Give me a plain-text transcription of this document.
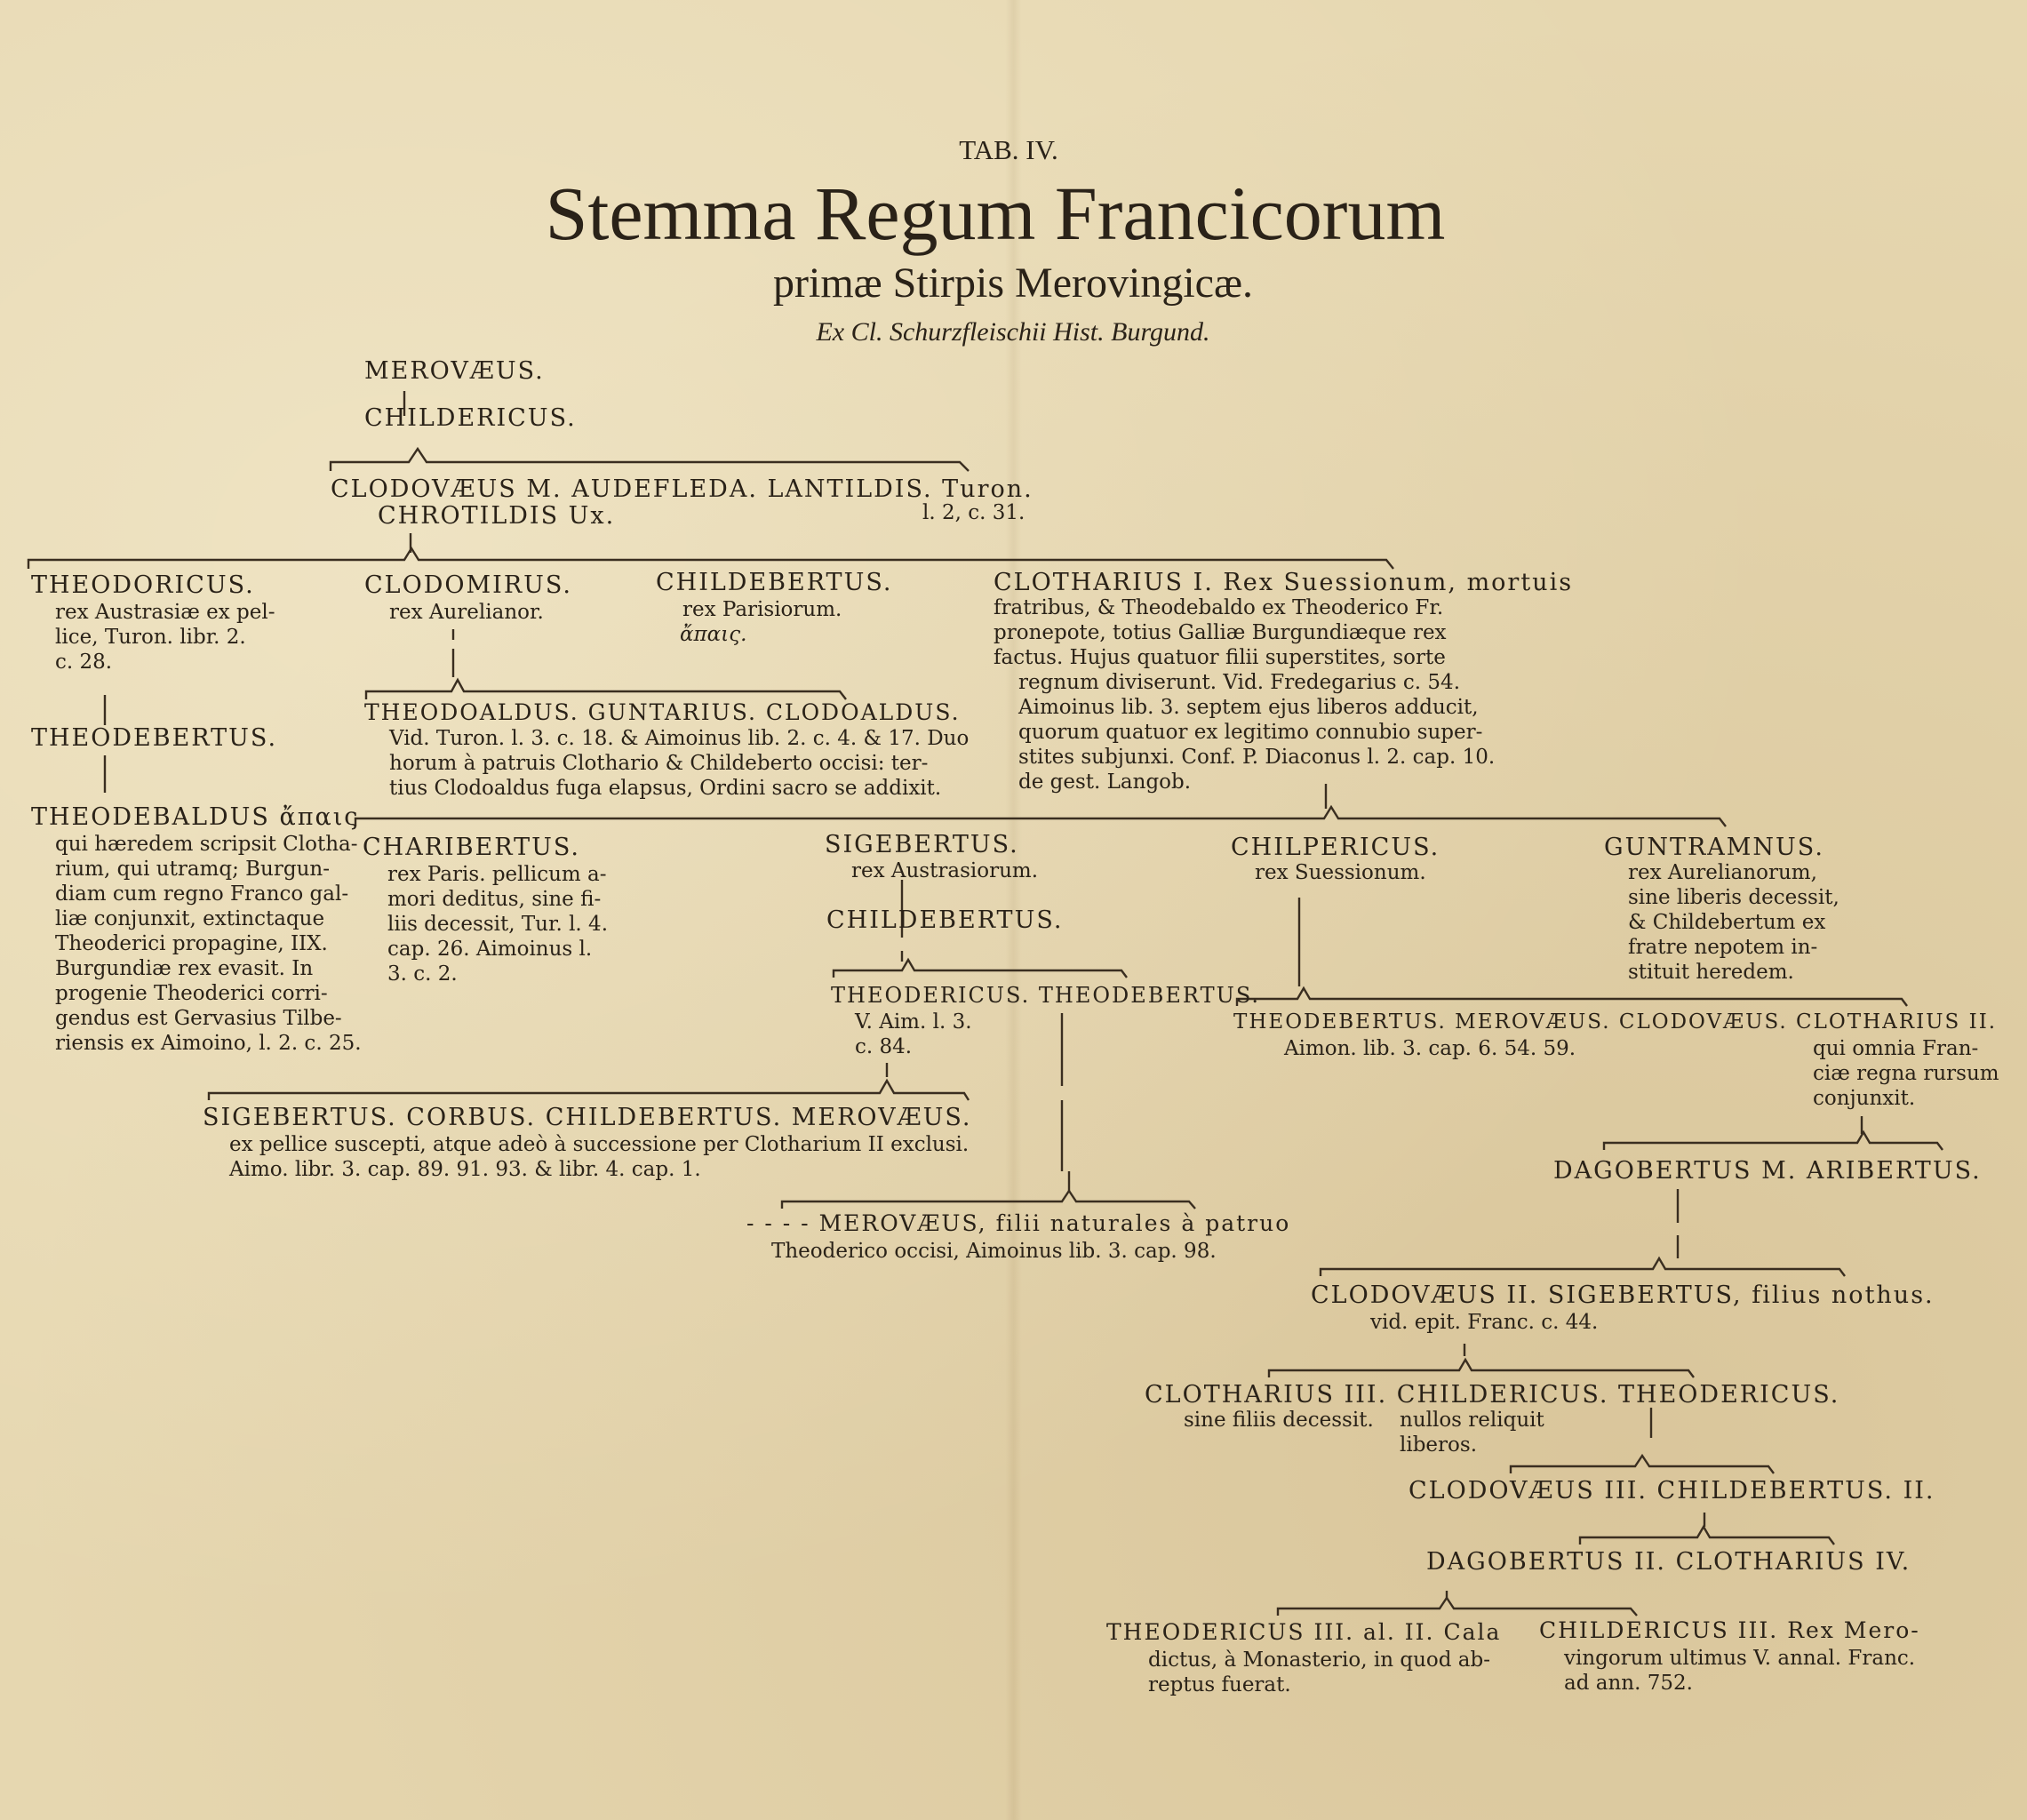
TAB. IV.
Stemma Regum Francicorum
primæ Stirpis Merovingicæ.
Ex Cl. Schurzfleischii Hist. Burgund.
MEROVÆUS.
CHILDERICUS.
CLODOVÆUS M. AUDEFLEDA. LANTILDIS. Turon.
CHROTILDIS Ux.	l. 2, c. 31.
THEODORICUS.
rex Austrasiæ ex pel-
lice, Turon. libr. 2.
c. 28.
THEODEBERTUS.
THEODEBALDUS ἄπαις
qui hæredem scripsit Clotha-
rium, qui utramq; Burgun-
diam cum regno Franco gal-
liæ conjunxit, extinctaque
Theoderici propagine, IIX.
Burgundiæ rex evasit. In
progenie Theoderici corri-
gendus est Gervasius Tilbe-
riensis ex Aimoino, l. 2. c. 25.
CLODOMIRUS.
rex Aurelianor.
CHILDEBERTUS.
rex Parisiorum.
ἄπαις.
THEODOALDUS. GUNTARIUS. CLODOALDUS.
Vid. Turon. l. 3. c. 18. & Aimoinus lib. 2. c. 4. & 17. Duo
horum à patruis Clothario & Childeberto occisi: ter-
tius Clodoaldus fuga elapsus, Ordini sacro se addixit.
CLOTHARIUS I. Rex Suessionum, mortuis
fratribus, & Theodebaldo ex Theoderico Fr.
pronepote, totius Galliæ Burgundiæque rex
factus. Hujus quatuor filii superstites, sorte
regnum diviserunt. Vid. Fredegarius c. 54.
Aimoinus lib. 3. septem ejus liberos adducit,
quorum quatuor ex legitimo connubio super-
stites subjunxi. Conf. P. Diaconus l. 2. cap. 10.
de gest. Langob.
CHARIBERTUS.
rex Paris. pellicum a-
mori deditus, sine fi-
liis decessit, Tur. l. 4.
cap. 26. Aimoinus l.
3. c. 2.
SIGEBERTUS.
rex Austrasiorum.
CHILDEBERTUS.
THEODERICUS. THEODEBERTUS.
V. Aim. l. 3.
c. 84.
SIGEBERTUS. CORBUS. CHILDEBERTUS. MEROVÆUS.
ex pellice suscepti, atque adeò à successione per Clotharium II exclusi.
Aimo. libr. 3. cap. 89. 91. 93. & libr. 4. cap. 1.
- - - - MEROVÆUS, filii naturales à patruo
Theoderico occisi, Aimoinus lib. 3. cap. 98.
CHILPERICUS.
rex Suessionum.
GUNTRAMNUS.
rex Aurelianorum,
sine liberis decessit,
& Childebertum ex
fratre nepotem in-
stituit heredem.
THEODEBERTUS. MEROVÆUS. CLODOVÆUS. CLOTHARIUS II.
Aimon. lib. 3. cap. 6. 54. 59.	qui omnia Fran-
ciæ regna rursum
conjunxit.
DAGOBERTUS M. ARIBERTUS.
CLODOVÆUS II. SIGEBERTUS, filius nothus.
vid. epit. Franc. c. 44.
CLOTHARIUS III. CHILDERICUS. THEODERICUS.
sine filiis decessit. nullos reliquit
liberos.
CLODOVÆUS III. CHILDEBERTUS. II.
DAGOBERTUS II. CLOTHARIUS IV.
THEODERICUS III. al. II. Cala
dictus, à Monasterio, in quod ab-
reptus fuerat.
CHILDERICUS III. Rex Mero-
vingorum ultimus V. annal. Franc.
ad ann. 752.
